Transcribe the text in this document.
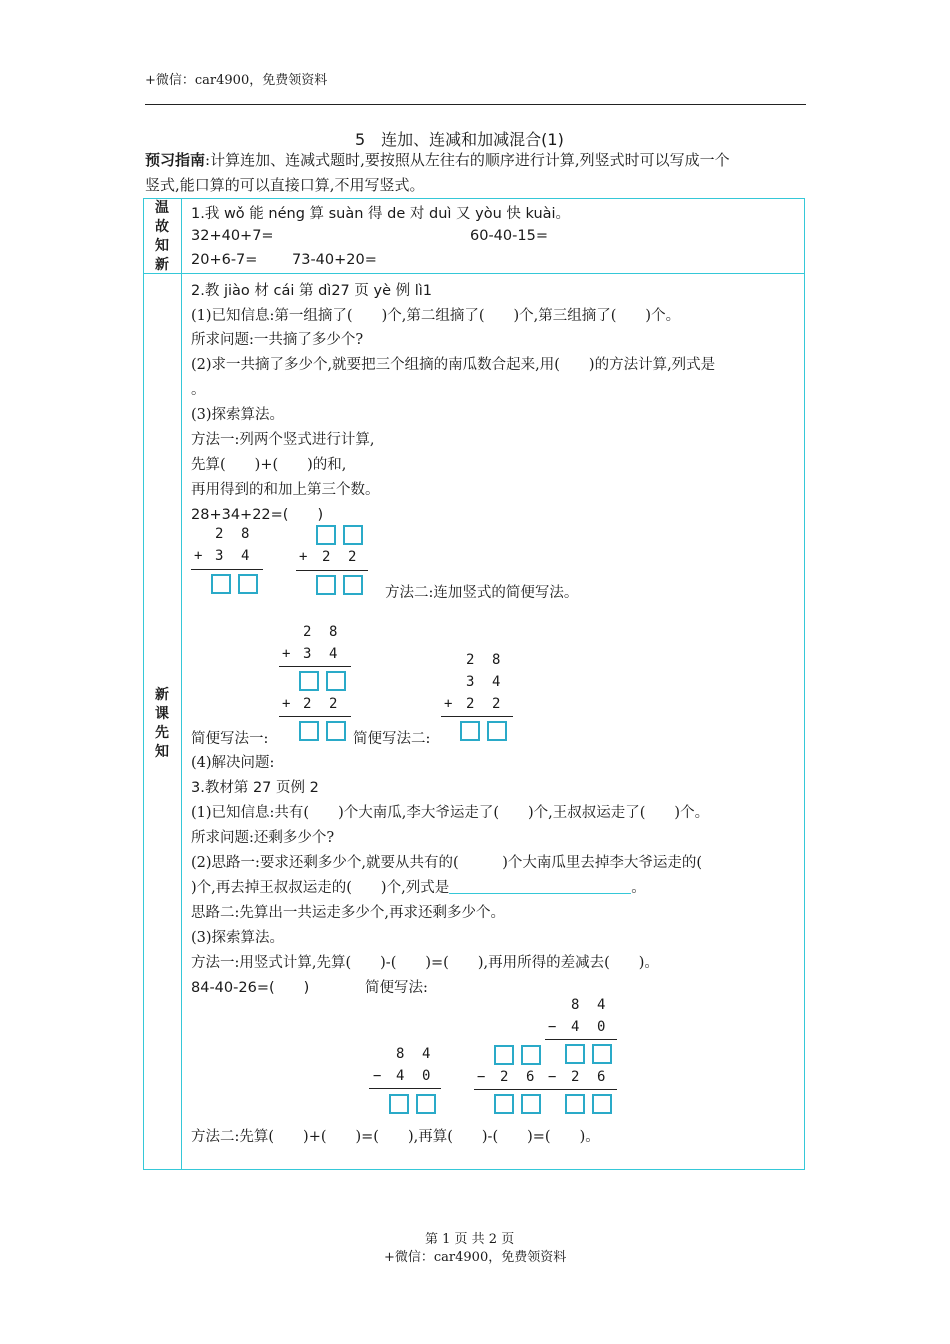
+微信：car4900，免费领资料
5　连加、连减和加减混合(1)
预习指南:计算连加、连减式题时,要按照从左往右的顺序进行计算,列竖式时可以写成一个
竖式,能口算的可以直接口算,不用写竖式。
温
故
知
新
新
课
先
知
1.我 wǒ 能 néng 算 suàn 得 de 对 duì 又 yòu 快 kuài。
32+40+7=	60-40-15=
20+6-7= 73-40+20=
2.教 jiào 材 cái 第 dì27 页 yè 例 lì1
(1)已知信息:第一组摘了(　　)个,第二组摘了(　　)个,第三组摘了(　　)个。
所求问题:一共摘了多少个?
(2)求一共摘了多少个,就要把三个组摘的南瓜数合起来,用(　　)的方法计算,列式是
。
(3)探索算法。
方法一:列两个竖式进行计算,
先算(　　)+(　　)的和,
再用得到的和加上第三个数。
28+34+22=(　　)
2 8
+ 3 4	+ 2 2
方法二:连加竖式的简便写法。
2 8
+ 3 4
+ 2 2
2 8
3 4
+ 2 2
简便写法一:	简便写法二:
(4)解决问题:
3.教材第 27 页例 2
(1)已知信息:共有(　　)个大南瓜,李大爷运走了(　　)个,王叔叔运走了(　　)个。
所求问题:还剩多少个?
(2)思路一:要求还剩多少个,就要从共有的(　　　)个大南瓜里去掉李大爷运走的(
)个,再去掉王叔叔运走的(　　)个,列式是	。
思路二:先算出一共运走多少个,再求还剩多少个。
(3)探索算法。
方法一:用竖式计算,先算(　　)-(　　)=(　　),再用所得的差减去(　　)。
84-40-26=(　　)	简便写法:
8 4
− 4 0	− 2 6
8 4
− 4 0
− 2 6
方法二:先算(　　)+(　　)=(　　),再算(　　)-(　　)=(　　)。
第 1 页 共 2 页
+微信：car4900，免费领资料
